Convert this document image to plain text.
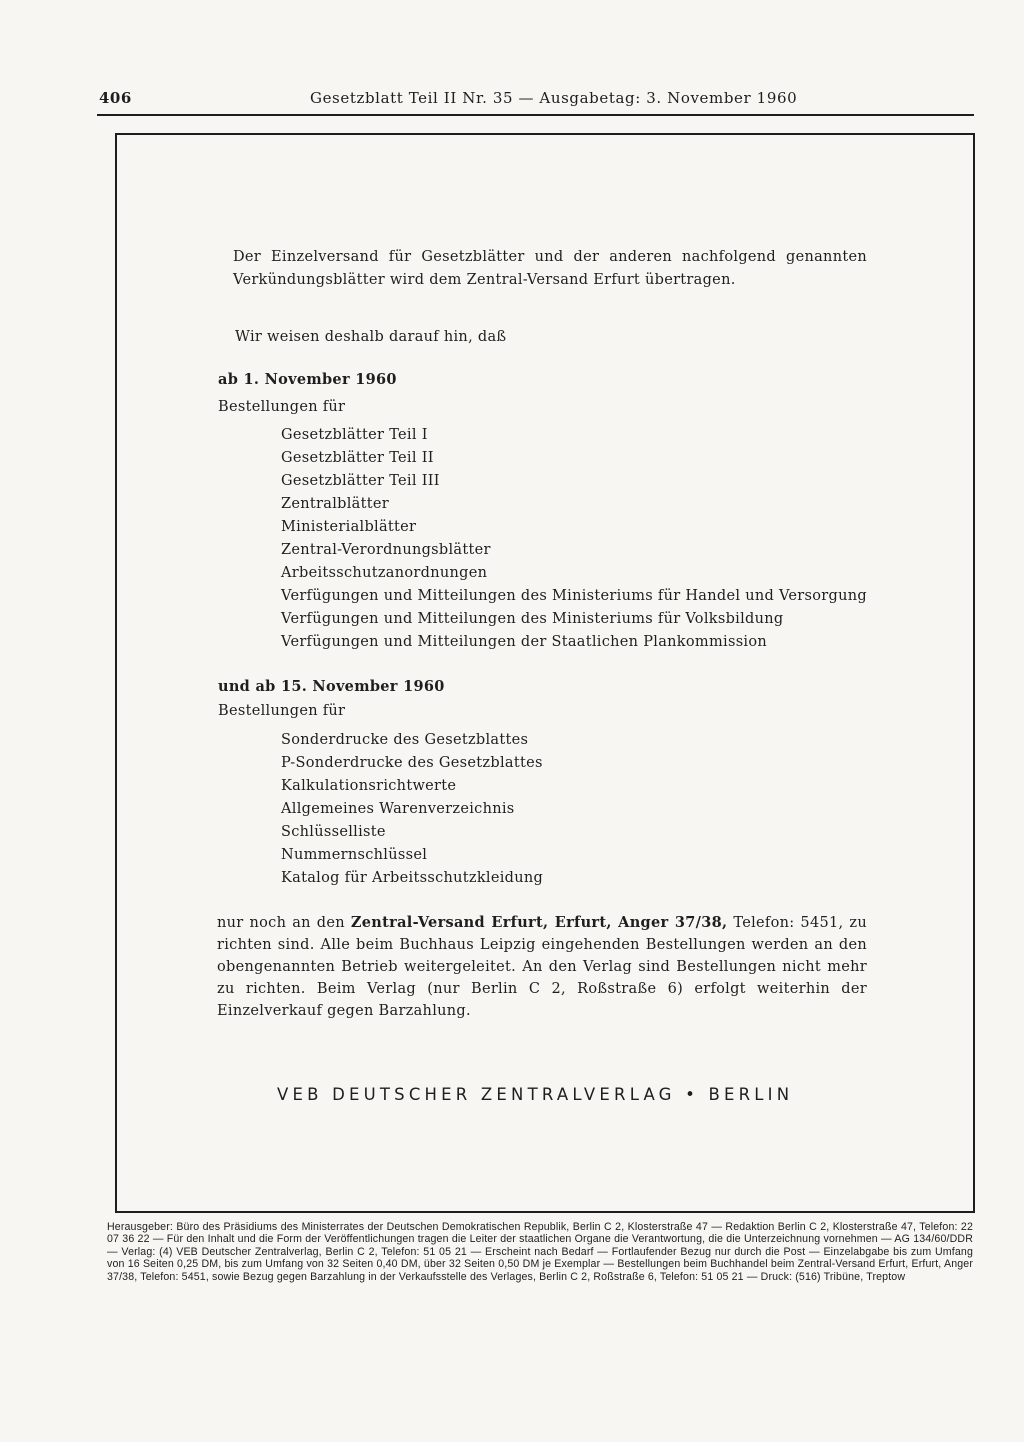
406	Gesetzblatt Teil II Nr. 35 — Ausgabetag: 3. November 1960

Der Einzelversand für Gesetzblätter und der anderen nachfolgend genannten Verkündungsblätter wird dem Zentral-Versand Erfurt übertragen.

Wir weisen deshalb darauf hin, daß

ab 1. November 1960

Bestellungen für

Gesetzblätter Teil I
Gesetzblätter Teil II
Gesetzblätter Teil III
Zentralblätter
Ministerialblätter
Zentral-Verordnungsblätter
Arbeitsschutzanordnungen
Verfügungen und Mitteilungen des Ministeriums für Handel und Versorgung
Verfügungen und Mitteilungen des Ministeriums für Volksbildung
Verfügungen und Mitteilungen der Staatlichen Plankommission

und ab 15. November 1960

Bestellungen für

Sonderdrucke des Gesetzblattes
P-Sonderdrucke des Gesetzblattes
Kalkulationsrichtwerte
Allgemeines Warenverzeichnis
Schlüsselliste
Nummernschlüssel
Katalog für Arbeitsschutzkleidung

nur noch an den Zentral-Versand Erfurt, Erfurt, Anger 37/38, Telefon: 5451, zu richten sind. Alle beim Buchhaus Leipzig eingehenden Bestellungen werden an den obengenannten Betrieb weitergeleitet. An den Verlag sind Bestellungen nicht mehr zu richten. Beim Verlag (nur Berlin C 2, Roßstraße 6) erfolgt weiterhin der Einzelverkauf gegen Barzahlung.

VEB DEUTSCHER ZENTRALVERLAG • BERLIN

Herausgeber: Büro des Präsidiums des Ministerrates der Deutschen Demokratischen Republik, Berlin C 2, Klosterstraße 47 — Redaktion Berlin C 2, Klosterstraße 47, Telefon: 22 07 36 22 — Für den Inhalt und die Form der Veröffentlichungen tragen die Leiter der staatlichen Organe die Verantwortung, die die Unterzeichnung vornehmen — AG 134/60/DDR — Verlag: (4) VEB Deutscher Zentralverlag, Berlin C 2, Telefon: 51 05 21 — Erscheint nach Bedarf — Fortlaufender Bezug nur durch die Post — Einzelabgabe bis zum Umfang von 16 Seiten 0,25 DM, bis zum Umfang von 32 Seiten 0,40 DM, über 32 Seiten 0,50 DM je Exemplar — Bestellungen beim Buchhandel beim Zentral-Versand Erfurt, Erfurt, Anger 37/38, Telefon: 5451, sowie Bezug gegen Barzahlung in der Verkaufsstelle des Verlages, Berlin C 2, Roßstraße 6, Telefon: 51 05 21 — Druck: (516) Tribüne, Treptow
